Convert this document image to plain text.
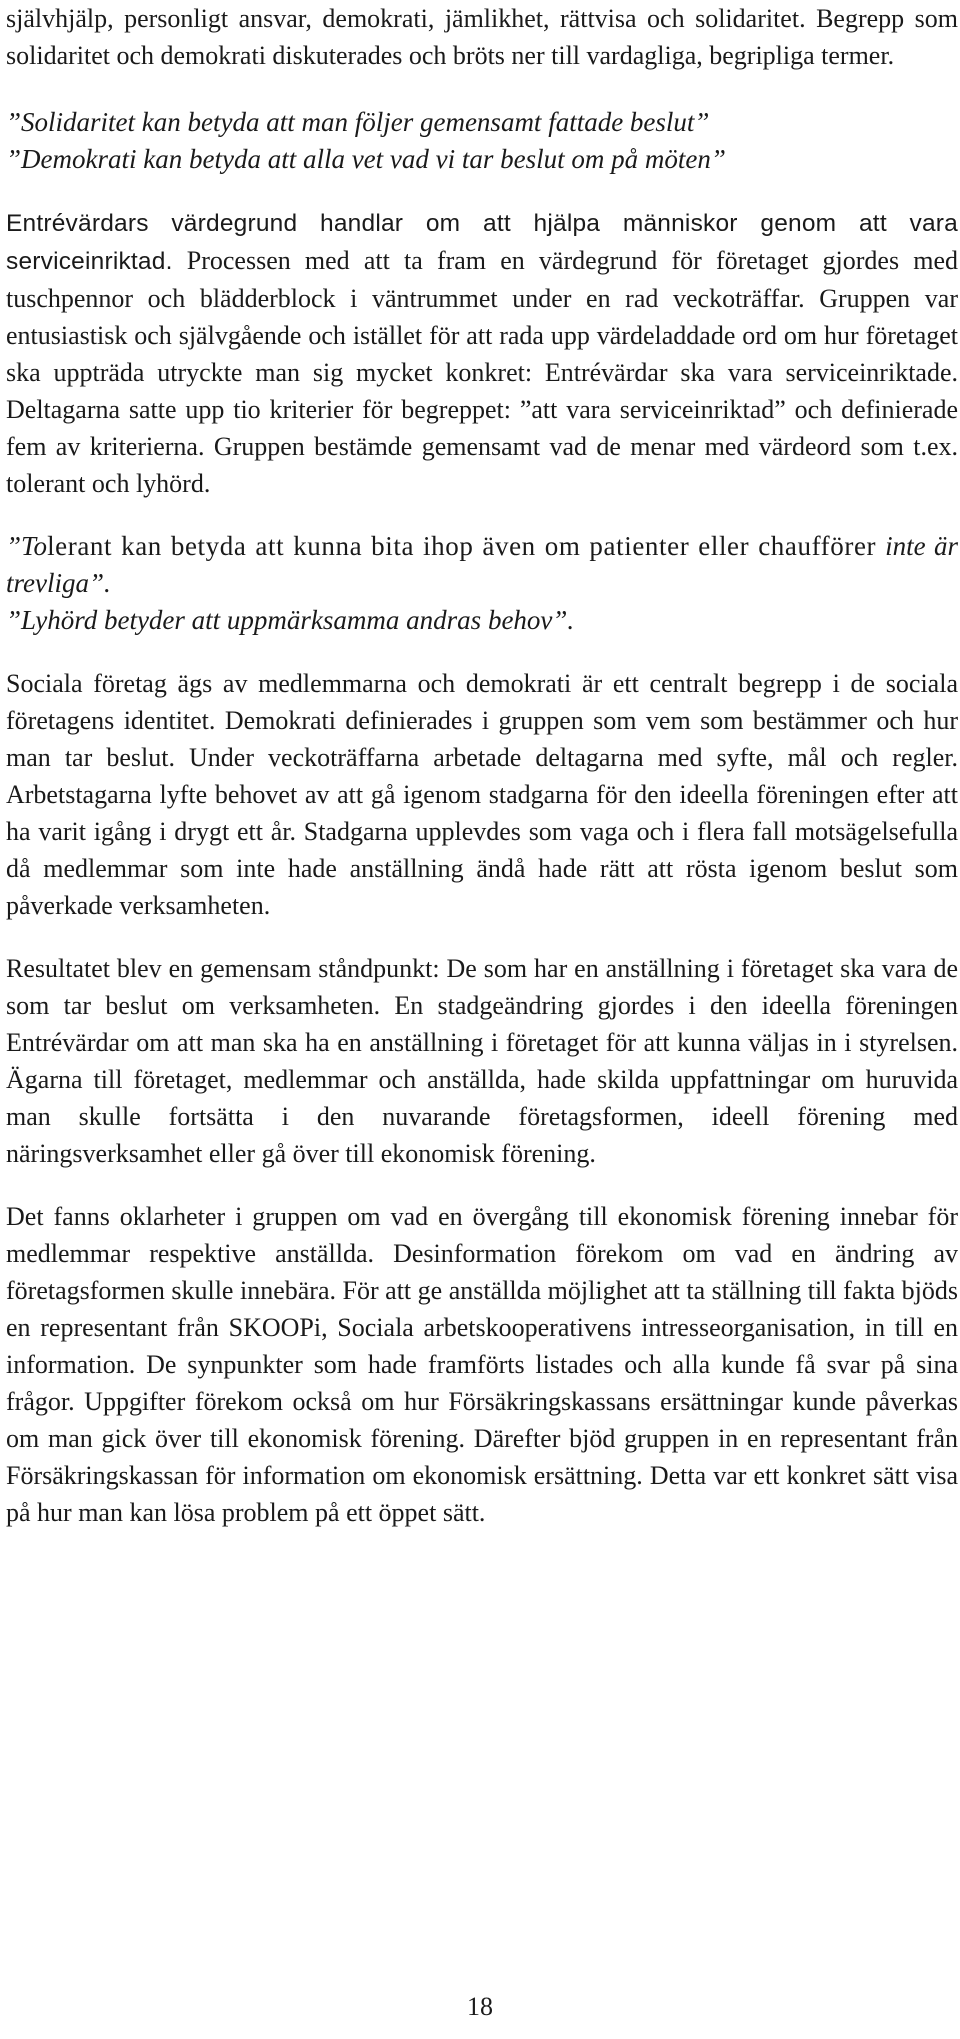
självhjälp, personligt ansvar, demokrati, jämlikhet, rättvisa och solidaritet. Begrepp som solidaritet och demokrati diskuterades och bröts ner till vardagliga, begripliga termer.

”Solidaritet kan betyda att man följer gemensamt fattade beslut”

”Demokrati kan betyda att alla vet vad vi tar beslut om på möten”

Entrévärdars värdegrund handlar om att hjälpa människor genom att vara serviceinriktad. Processen med att ta fram en värdegrund för företaget gjordes med tuschpennor och blädderblock i väntrummet under en rad veckoträffar. Gruppen var entusiastisk och självgående och istället för att rada upp värdeladdade ord om hur företaget ska uppträda utryckte man sig mycket konkret: Entrévärdar ska vara serviceinriktade. Deltagarna satte upp tio kriterier för begreppet: ”att vara serviceinriktad” och definierade fem av kriterierna. Gruppen bestämde gemensamt vad de menar med värdeord som t.ex. tolerant och lyhörd.

”Tolerant kan betyda att kunna bita ihop även om patienter eller chaufförer inte är trevliga”.

”Lyhörd betyder att uppmärksamma andras behov”.

Sociala företag ägs av medlemmarna och demokrati är ett centralt begrepp i de sociala företagens identitet. Demokrati definierades i gruppen som vem som bestämmer och hur man tar beslut. Under veckoträffarna arbetade deltagarna med syfte, mål och regler. Arbetstagarna lyfte behovet av att gå igenom stadgarna för den ideella föreningen efter att ha varit igång i drygt ett år. Stadgarna upplevdes som vaga och i flera fall motsägelsefulla då medlemmar som inte hade anställning ändå hade rätt att rösta igenom beslut som påverkade verksamheten.

Resultatet blev en gemensam ståndpunkt: De som har en anställning i företaget ska vara de som tar beslut om verksamheten. En stadgeändring gjordes i den ideella föreningen Entrévärdar om att man ska ha en anställning i företaget för att kunna väljas in i styrelsen. Ägarna till företaget, medlemmar och anställda, hade skilda uppfattningar om huruvida man skulle fortsätta i den nuvarande företagsformen, ideell förening med näringsverksamhet eller gå över till ekonomisk förening.

Det fanns oklarheter i gruppen om vad en övergång till ekonomisk förening innebar för medlemmar respektive anställda. Desinformation förekom om vad en ändring av företagsformen skulle innebära. För att ge anställda möjlighet att ta ställning till fakta bjöds en representant från SKOOPi, Sociala arbetskooperativens intresseorganisation, in till en information. De synpunkter som hade framförts listades och alla kunde få svar på sina frågor. Uppgifter förekom också om hur Försäkringskassans ersättningar kunde påverkas om man gick över till ekonomisk förening. Därefter bjöd gruppen in en representant från Försäkringskassan för information om ekonomisk ersättning. Detta var ett konkret sätt visa på hur man kan lösa problem på ett öppet sätt.

18
